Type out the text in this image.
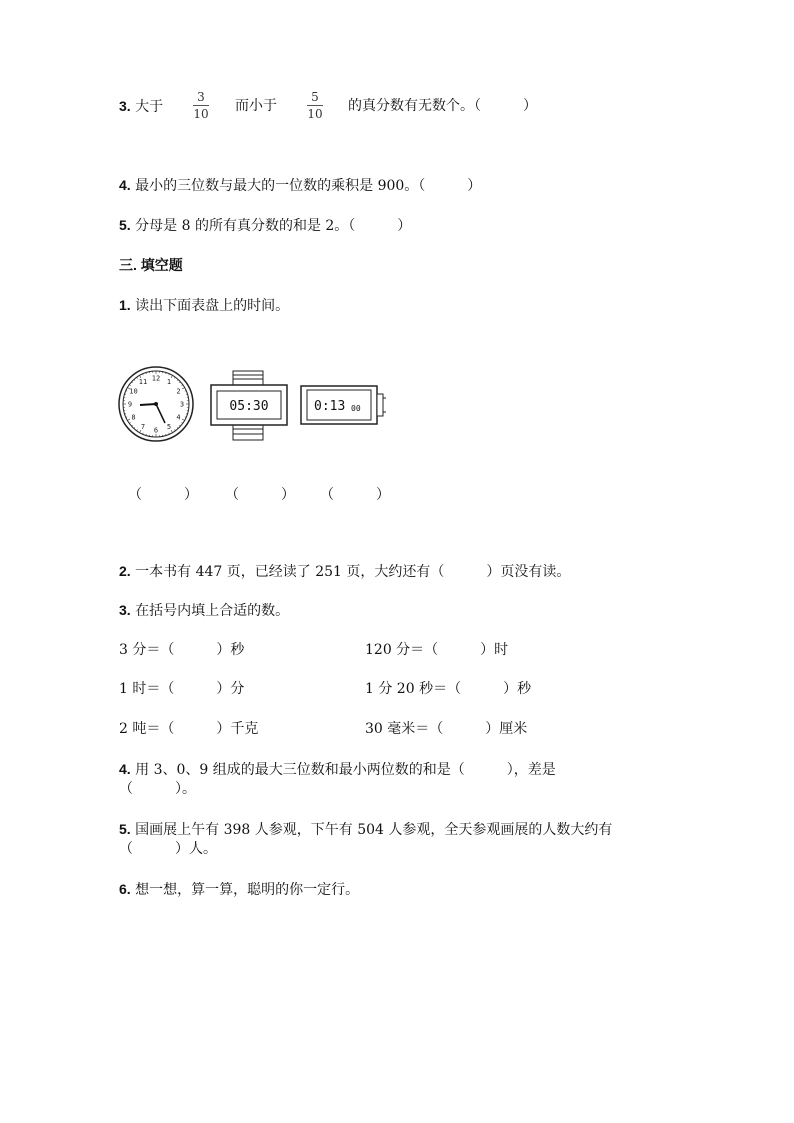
3. 大于
3
10 而小于
5
10 的真分数有无数个。（　　　）
4. 最小的三位数与最大的一位数的乘积是 900。（　　　）
5. 分母是 8 的所有真分数的和是 2。（　　　）
三. 填空题
1. 读出下面表盘上的时间。
12 1
2
3
4
5
6
7
8
9
10
11
05:30	0:13 00
（　　　） （　　　） （　　　）
2. 一本书有 447 页，已经读了 251 页，大约还有（　　　）页没有读。
3. 在括号内填上合适的数。
3 分＝（　　　）秒	120 分＝（　　　）时
1 时＝（　　　）分	1 分 20 秒＝（　　　）秒
2 吨＝（　　　）千克	30 毫米＝（　　　）厘米
4. 用 3、0、9 组成的最大三位数和最小两位数的和是（　　　），差是
（　　　）。
5. 国画展上午有 398 人参观，下午有 504 人参观，全天参观画展的人数大约有
（　　　）人。
6. 想一想，算一算，聪明的你一定行。
